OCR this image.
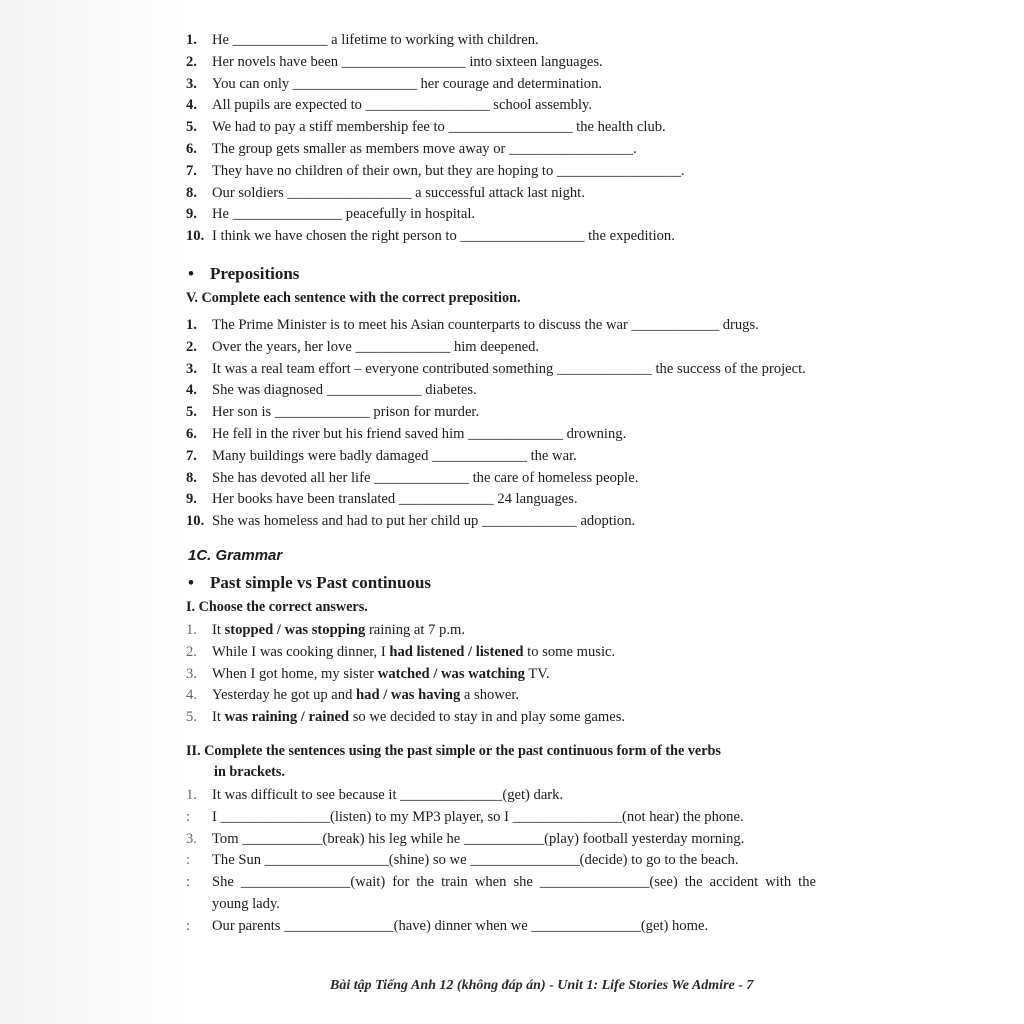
1. He _____________ a lifetime to working with children.
2. Her novels have been _________________ into sixteen languages.
3. You can only _________________ her courage and determination.
4. All pupils are expected to _________________ school assembly.
5. We had to pay a stiff membership fee to _________________ the health club.
6. The group gets smaller as members move away or _________________.
7. They have no children of their own, but they are hoping to _________________.
8. Our soldiers _________________ a successful attack last night.
9. He _______________ peacefully in hospital.
10. I think we have chosen the right person to _________________ the expedition.
• Prepositions
V. Complete each sentence with the correct preposition.
1. The Prime Minister is to meet his Asian counterparts to discuss the war ____________ drugs.
2. Over the years, her love _____________ him deepened.
3. It was a real team effort – everyone contributed something _____________ the success of the project.
4. She was diagnosed _____________ diabetes.
5. Her son is _____________ prison for murder.
6. He fell in the river but his friend saved him _____________ drowning.
7. Many buildings were badly damaged _____________ the war.
8. She has devoted all her life _____________ the care of homeless people.
9. Her books have been translated _____________ 24 languages.
10. She was homeless and had to put her child up _____________ adoption.
1C. Grammar
• Past simple vs Past continuous
I. Choose the correct answers.
1. It stopped / was stopping raining at 7 p.m.
2. While I was cooking dinner, I had listened / listened to some music.
3. When I got home, my sister watched / was watching TV.
4. Yesterday he got up and had / was having a shower.
5. It was raining / rained so we decided to stay in and play some games.
II. Complete the sentences using the past simple or the past continuous form of the verbs
in brackets.
1. It was difficult to see because it ______________(get) dark.
: I _______________(listen) to my MP3 player, so I _______________(not hear) the phone.
3. Tom ___________(break) his leg while he ___________(play) football yesterday morning.
: The Sun _________________(shine) so we _______________(decide) to go to the beach.
: She _______________(wait) for the train when she _______________(see) the accident with the young lady.
: Our parents _______________(have) dinner when we _______________(get) home.
Bài tập Tiếng Anh 12 (không đáp án) - Unit 1: Life Stories We Admire - 7
